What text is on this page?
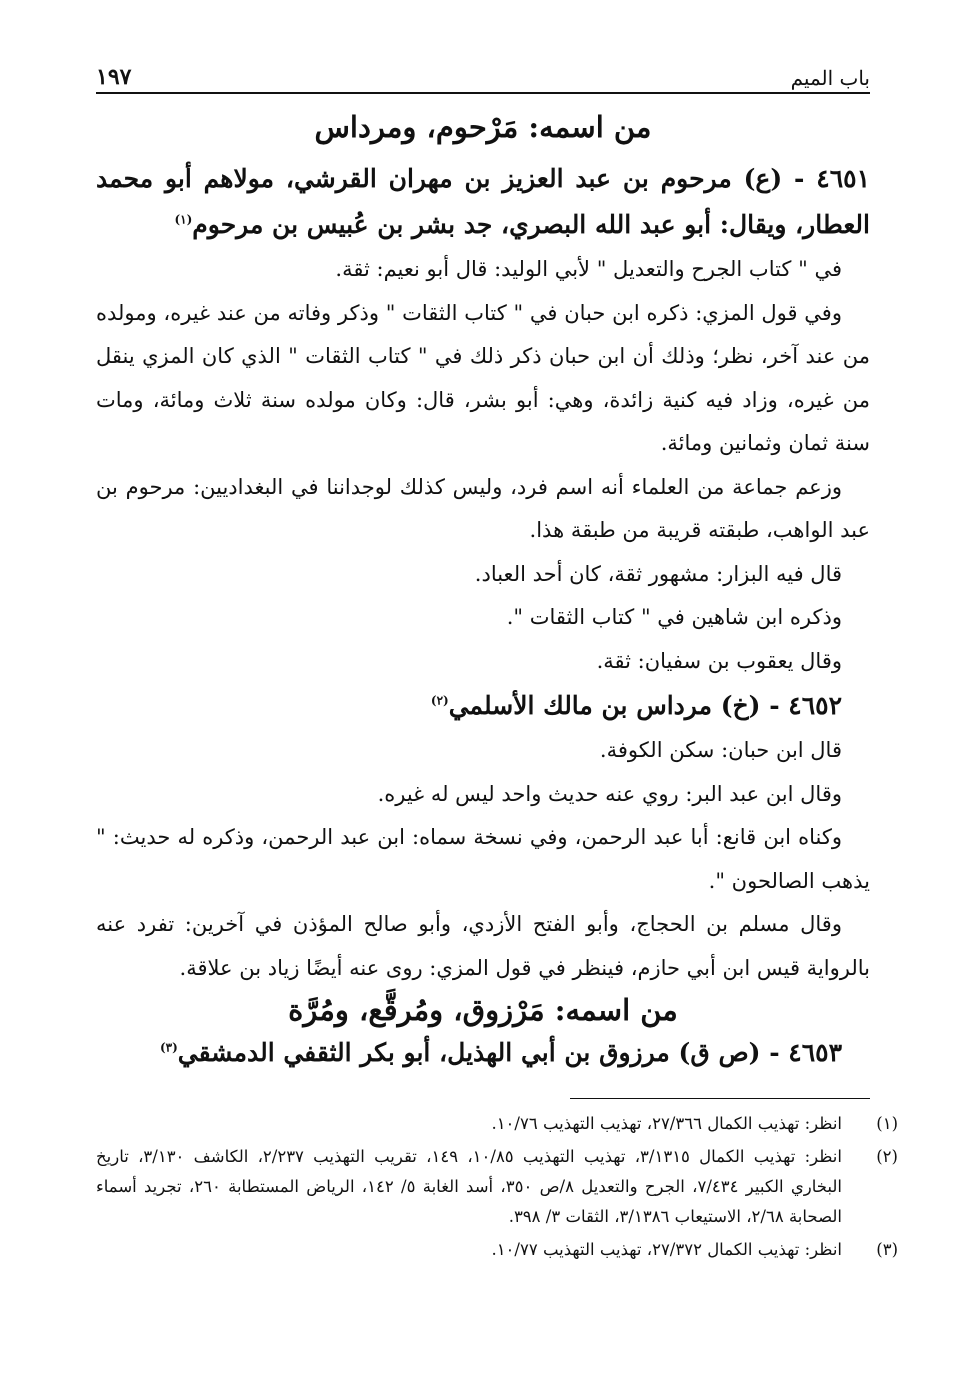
باب الميم
١٩٧
من اسمه: مَرْحوم، ومرداس

٤٦٥١ - (ع) مرحوم بن عبد العزيز بن مهران القرشي، مولاهم أبو محمد العطار، ويقال: أبو عبد الله البصري، جد بشر بن عُبيس بن مرحوم$^{(١)}$

في " كتاب الجرح والتعديل " لأبي الوليد: قال أبو نعيم: ثقة.

وفي قول المزي: ذكره ابن حبان في " كتاب الثقات " وذكر وفاته من عند غيره، ومولده من عند آخر، نظر؛ وذلك أن ابن حبان ذكر ذلك في " كتاب الثقات " الذي كان المزي ينقل من غيره، وزاد فيه كنية زائدة، وهي: أبو بشر، قال: وكان مولده سنة ثلاث ومائة، ومات سنة ثمان وثمانين ومائة.

وزعم جماعة من العلماء أنه اسم فرد، وليس كذلك لوجداننا في البغداديين: مرحوم بن عبد الواهب، طبقته قريبة من طبقة هذا.

قال فيه البزار: مشهور ثقة، كان أحد العباد.

وذكره ابن شاهين في " كتاب الثقات ".

وقال يعقوب بن سفيان: ثقة.

٤٦٥٢ - (خ) مرداس بن مالك الأسلمي$^{(٢)}$

قال ابن حبان: سكن الكوفة.

وقال ابن عبد البر: روي عنه حديث واحد ليس له غيره.

وكناه ابن قانع: أبا عبد الرحمن، وفي نسخة سماه: ابن عبد الرحمن، وذكره له حديث: " يذهب الصالحون ".

وقال مسلم بن الحجاج، وأبو الفتح الأزدي، وأبو صالح المؤذن في آخرين: تفرد عنه بالرواية قيس ابن أبي حازم، فينظر في قول المزي: روى عنه أيضًا زياد بن علاقة.

من اسمه: مَرْزوق، ومُرقَّع، ومُرَّة

٤٦٥٣ - (ص ق) مرزوق بن أبي الهذيل، أبو بكر الثقفي الدمشقي$^{(٣)}$

(١)انظر: تهذيب الكمال ٢٧/٣٦٦، تهذيب التهذيب ١٠/٧٦.

(٢)انظر: تهذيب الكمال ٣/١٣١٥، تهذيب التهذيب ١٠/٨٥، ١٤٩، تقريب التهذيب ٢/٢٣٧، الكاشف ٣/١٣٠، تاريخ البخاري الكبير ٧/٤٣٤، الجرح والتعديل ٨/ص ٣٥٠، أسد الغابة ٥/ ١٤٢، الرياض المستطابة ٢٦٠، تجريد أسماء الصحابة ٢/٦٨، الاستيعاب ٣/١٣٨٦، الثقات ٣/ ٣٩٨.

(٣)انظر: تهذيب الكمال ٢٧/٣٧٢، تهذيب التهذيب ١٠/٧٧.
